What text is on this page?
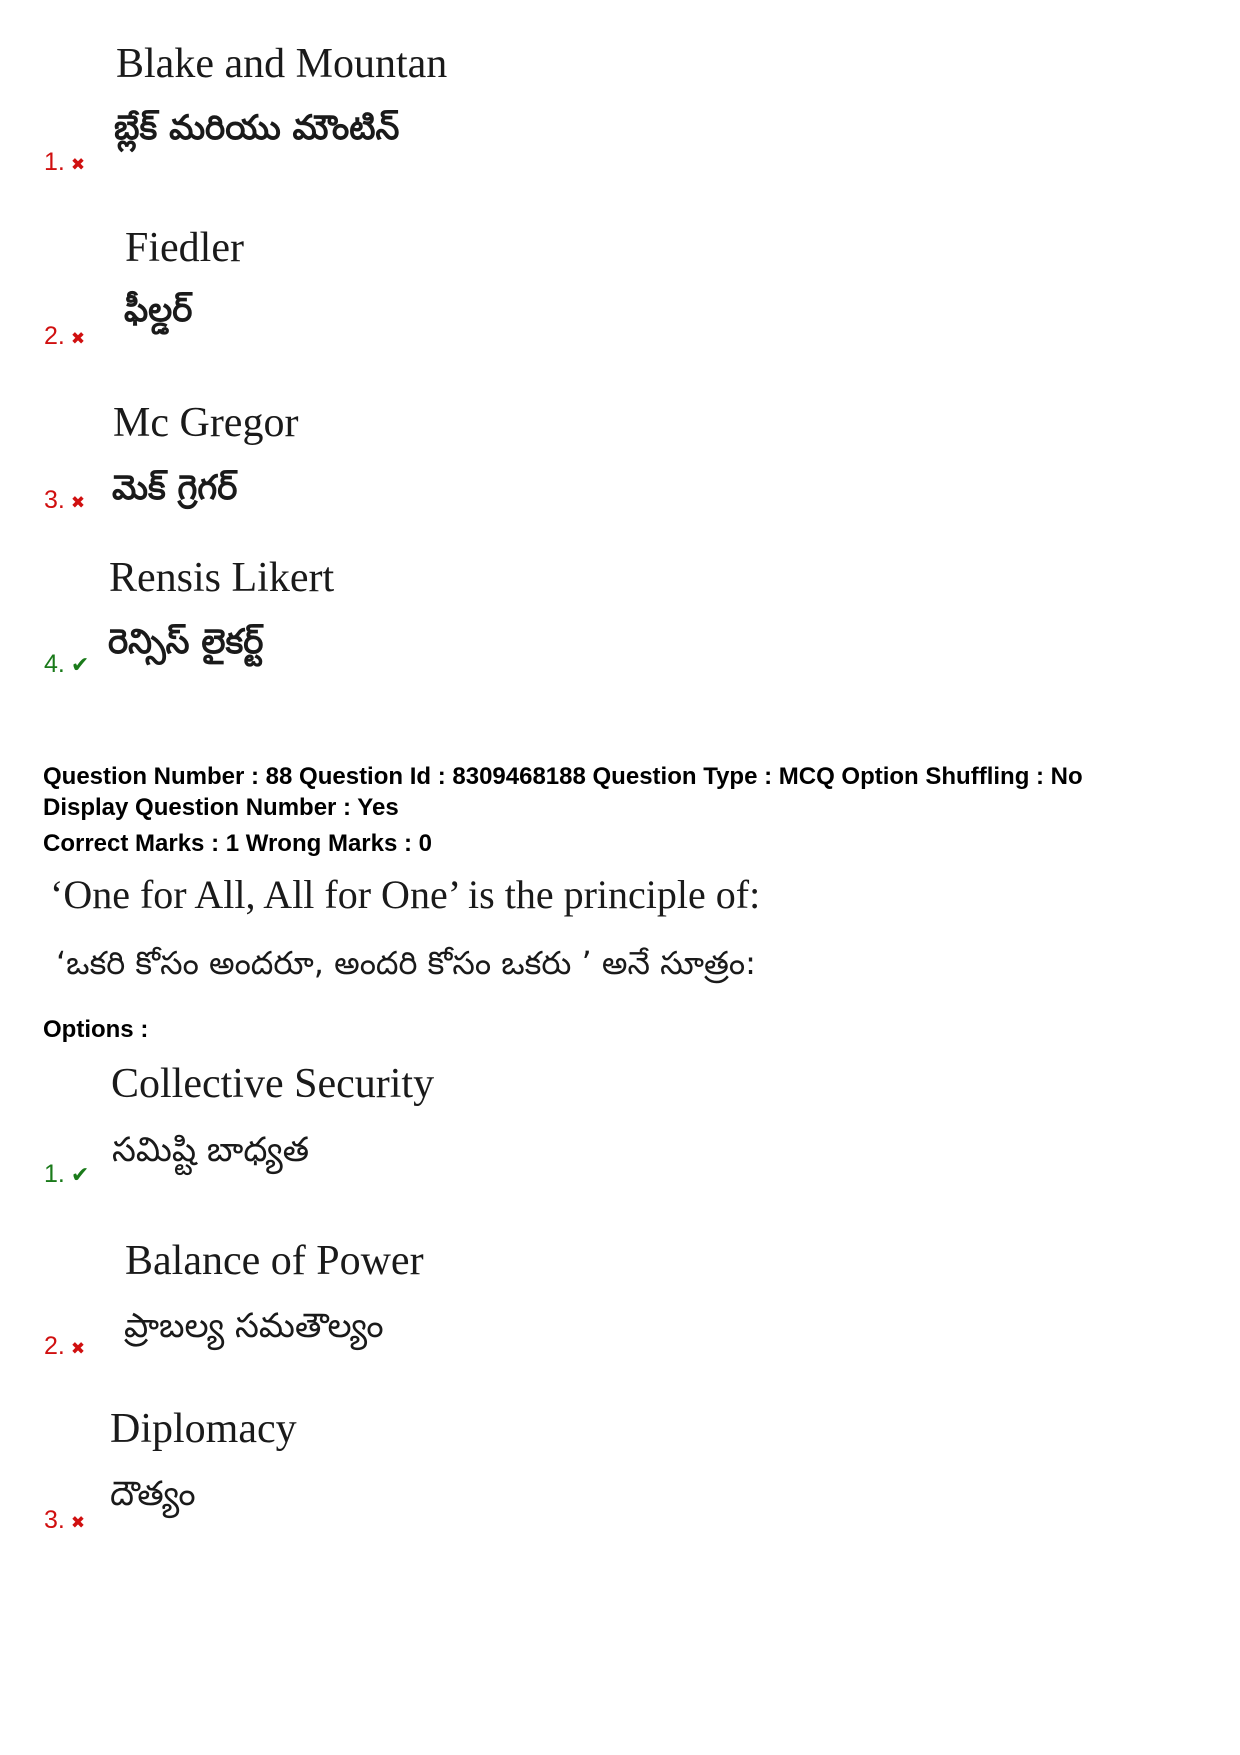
Blake and Mountan
బ్లేక్ మరియు మౌంటిన్
1. ✖
Fiedler
ఫీల్డర్
2. ✖
Mc Gregor
మెక్ గ్రెగర్
3. ✖
Rensis Likert
రెన్సిస్ లైకర్ట్
4. ✔
Question Number : 88 Question Id : 8309468188 Question Type : MCQ Option Shuffling : No
Display Question Number : Yes
Correct Marks : 1 Wrong Marks : 0
‘One for All, All for One’ is the principle of:
‘ఒకరి కోసం అందరూ, అందరి కోసం ఒకరు ’ అనే సూత్రం:
Options :
Collective Security
సమిష్టి బాధ్యత
1. ✔
Balance of Power
ప్రాబల్య సమతౌల్యం
2. ✖
Diplomacy
దౌత్యం
3. ✖
